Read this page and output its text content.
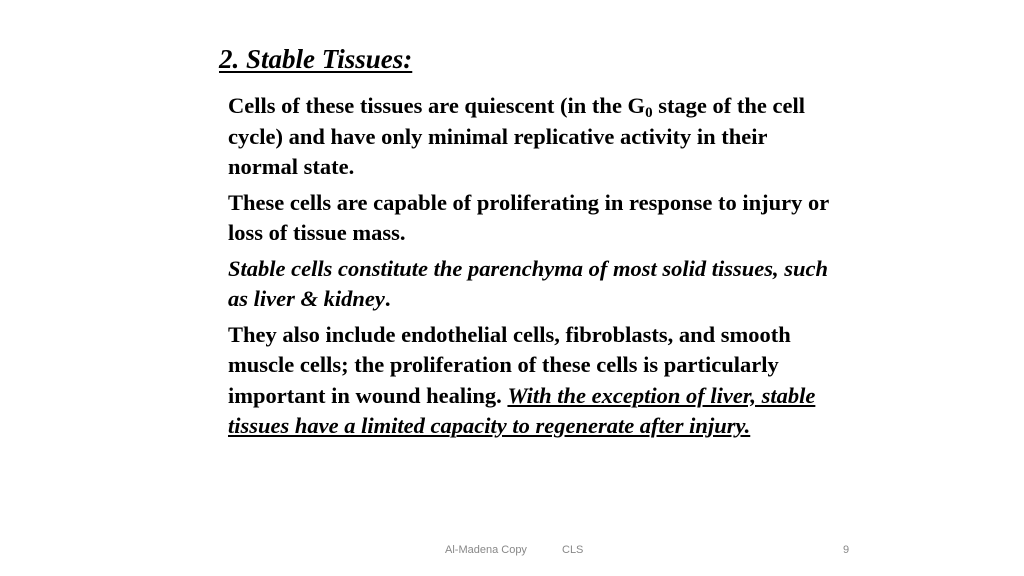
2. Stable Tissues:

Cells of these tissues are quiescent (in the $G_0$ stage of the cell cycle) and have only minimal replicative activity in their normal state.

These cells are capable of proliferating in response to injury or loss of tissue mass.

Stable cells constitute the parenchyma of most solid tissues, such as liver & kidney.

They also include endothelial cells, fibroblasts, and smooth muscle cells; the proliferation of these cells is particularly important in wound healing. With the exception of liver, stable tissues have a limited capacity to regenerate after injury.

Al-Madena Copy	CLS	9
